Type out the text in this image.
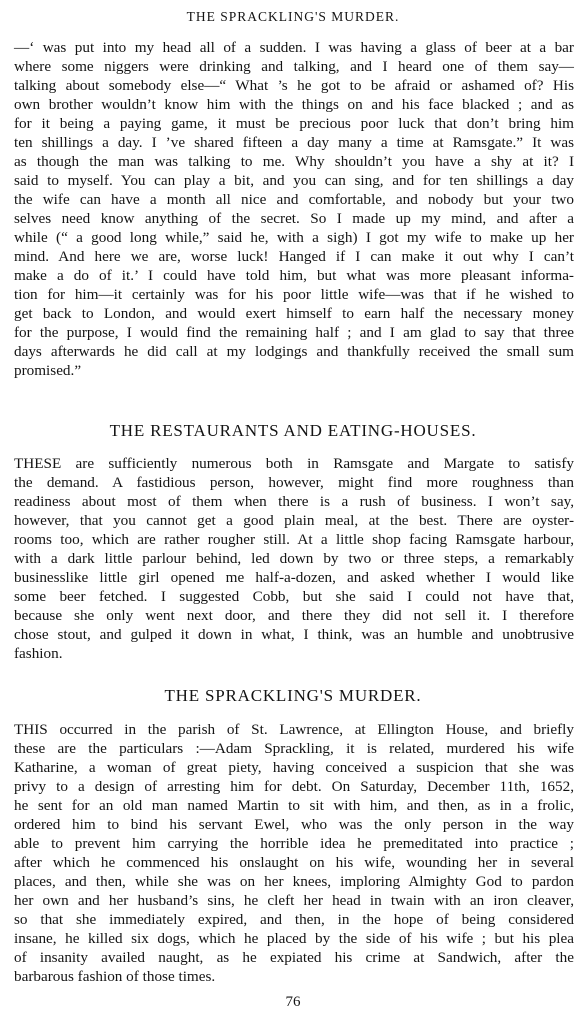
THE SPRACKLING'S MURDER.
—‘ was put into my head all of a sudden. I was having a glass of beer at a bar
where some niggers were drinking and talking, and I heard one of them say—
talking about somebody else—“ What ’s he got to be afraid or ashamed of? His
own brother wouldn’t know him with the things on and his face blacked ; and as
for it being a paying game, it must be precious poor luck that don’t bring him
ten shillings a day. I ’ve shared fifteen a day many a time at Ramsgate.” It was
as though the man was talking to me. Why shouldn’t you have a shy at it? I
said to myself. You can play a bit, and you can sing, and for ten shillings a day
the wife can have a month all nice and comfortable, and nobody but your two
selves need know anything of the secret. So I made up my mind, and after a
while (“ a good long while,” said he, with a sigh) I got my wife to make up her
mind. And here we are, worse luck! Hanged if I can make it out why I can’t
make a do of it.’ I could have told him, but what was more pleasant informa-
tion for him—it certainly was for his poor little wife—was that if he wished to
get back to London, and would exert himself to earn half the necessary money
for the purpose, I would find the remaining half ; and I am glad to say that three
days afterwards he did call at my lodgings and thankfully received the small sum
promised.”
THE RESTAURANTS AND EATING-HOUSES.
THESE are sufficiently numerous both in Ramsgate and Margate to satisfy
the demand. A fastidious person, however, might find more roughness than
readiness about most of them when there is a rush of business. I won’t say,
however, that you cannot get a good plain meal, at the best. There are oyster-
rooms too, which are rather rougher still. At a little shop facing Ramsgate harbour,
with a dark little parlour behind, led down by two or three steps, a remarkably
businesslike little girl opened me half-a-dozen, and asked whether I would like
some beer fetched. I suggested Cobb, but she said I could not have that,
because she only went next door, and there they did not sell it. I therefore
chose stout, and gulped it down in what, I think, was an humble and unobtrusive
fashion.
THE SPRACKLING'S MURDER.
THIS occurred in the parish of St. Lawrence, at Ellington House, and briefly
these are the particulars :—Adam Sprackling, it is related, murdered his wife
Katharine, a woman of great piety, having conceived a suspicion that she was
privy to a design of arresting him for debt. On Saturday, December 11th, 1652,
he sent for an old man named Martin to sit with him, and then, as in a frolic,
ordered him to bind his servant Ewel, who was the only person in the way
able to prevent him carrying the horrible idea he premeditated into practice ;
after which he commenced his onslaught on his wife, wounding her in several
places, and then, while she was on her knees, imploring Almighty God to pardon
her own and her husband’s sins, he cleft her head in twain with an iron cleaver,
so that she immediately expired, and then, in the hope of being considered
insane, he killed six dogs, which he placed by the side of his wife ; but his plea
of insanity availed naught, as he expiated his crime at Sandwich, after the
barbarous fashion of those times.
76
